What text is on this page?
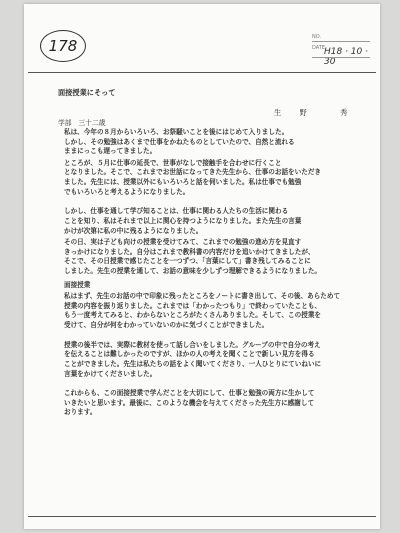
178	NO.
DATE
H18 · 10 · 30
面接授業にそって
生 野　 秀
学部　三十二歳

私は、今年の８月からいろいろ、お祭騒いことを後にはじめて入りました。
しかし、その勉強はあくまで仕事をかねたものとしていたので、自然と流れる
ままにっこも遅ってきました。

ところが、５月に仕事の延長で、世事がなしで接触手を合わせに行くこと
となりました。そこで、これまでお世話になってきた先生から、仕事のお話をいただき
ました。先生には、授業以外にもいろいろと話を伺いました。私は仕事でも勉強
でもいろいろと考えるようになりました。

しかし、仕事を通して学び知ることは、仕事に関わる人たちの生活に関わる
ことを知り、私はそれまで以上に関心を持つようになりました。また先生の言葉
かけが次第に私の中に残るようになりました。

その日、実は子ども向けの授業を受けてみて、これまでの勉強の進め方を見直す
きっかけになりました。自分はこれまで教科書の内容だけを追いかけてきましたが、
そこで、その日授業で感じたことを一つずつ、「言葉にして」書き残してみることに
しました。先生の授業を通して、お話の意味を少しずつ理解できるようになりました。

面接授業

私はまず、先生のお話の中で印象に残ったところをノートに書き出して、その後、あらためて
授業の内容を振り返りました。これまでは「わかったつもり」で終わっていたことも、
もう一度考えてみると、わからないところがたくさんありました。そして、この授業を
受けて、自分が何をわかっていないのかに気づくことができました。

授業の後半では、実際に教材を使って話し合いをしました。グループの中で自分の考え
を伝えることは難しかったのですが、ほかの人の考えを聞くことで新しい見方を得る
ことができました。先生は私たちの話をよく聞いてくださり、一人ひとりにていねいに
言葉をかけてくださいました。

これからも、この面接授業で学んだことを大切にして、仕事と勉強の両方に生かして
いきたいと思います。最後に、このような機会を与えてくださった先生方に感謝して
おります。
